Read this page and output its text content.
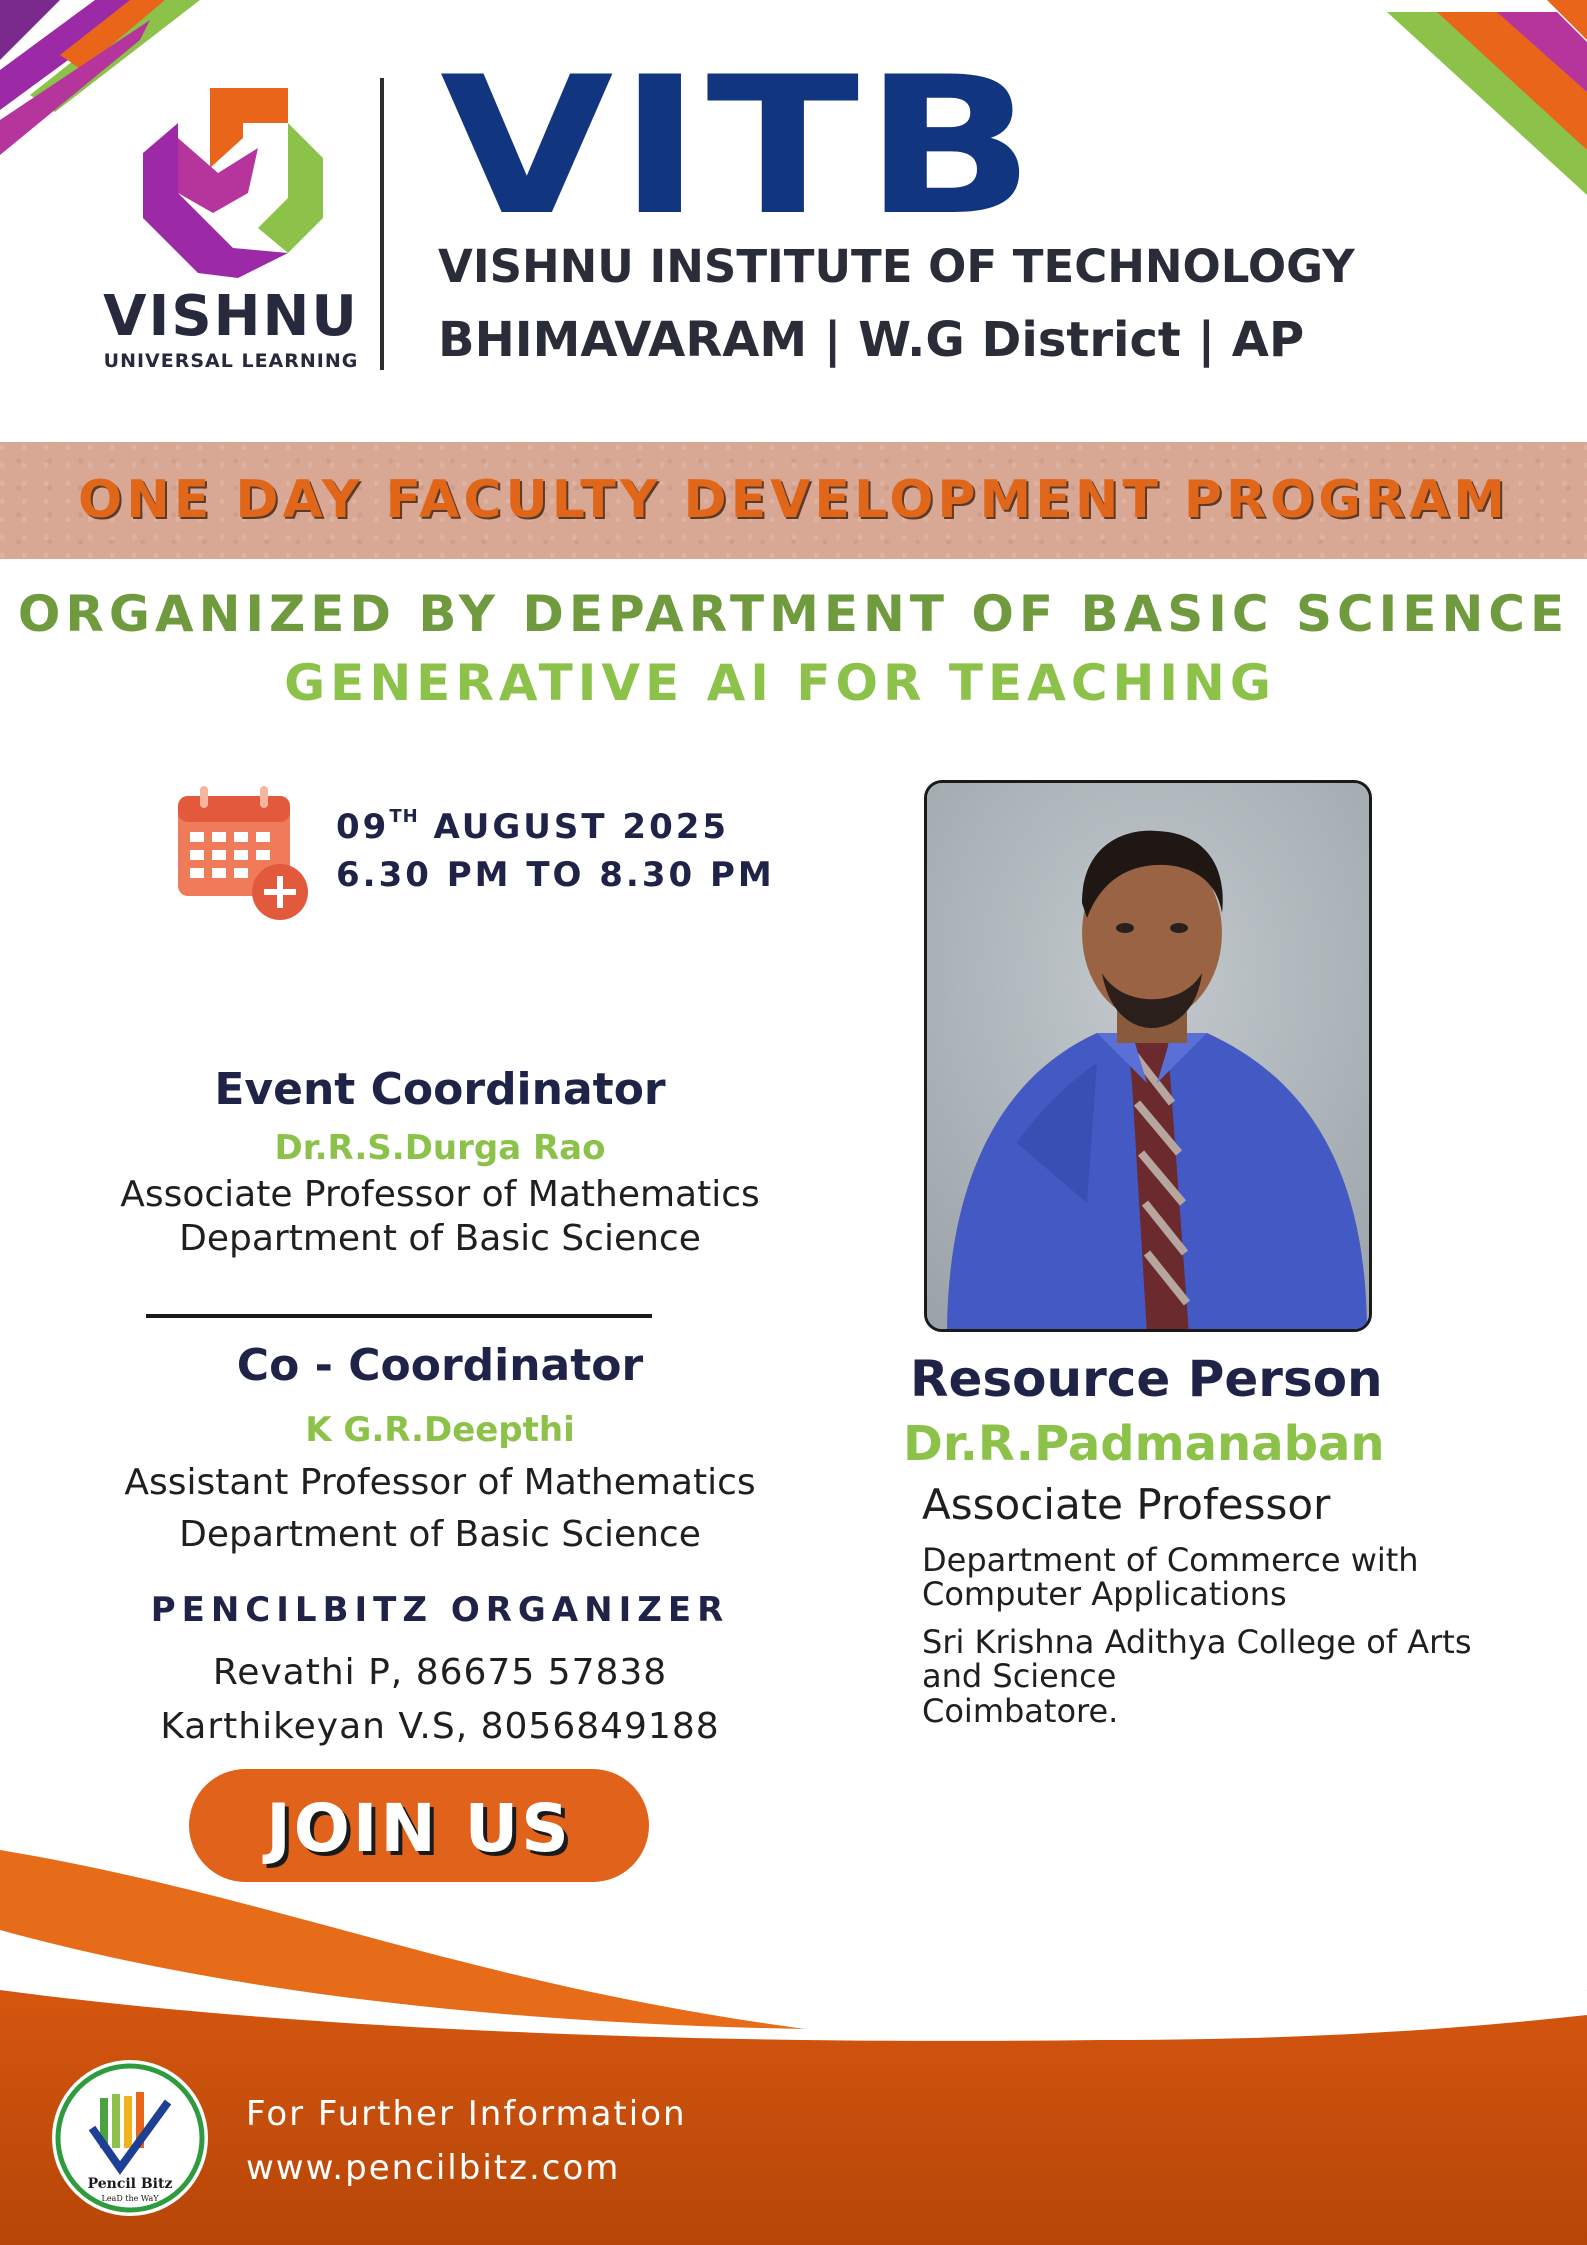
VISHNU
UNIVERSAL LEARNING
VITB
VISHNU INSTITUTE OF TECHNOLOGY
BHIMAVARAM | W.G District | AP
ONE DAY FACULTY DEVELOPMENT PROGRAM
ORGANIZED BY DEPARTMENT OF BASIC SCIENCE
GENERATIVE AI FOR TEACHING
09TH AUGUST 2025
6.30 PM TO 8.30 PM
Event Coordinator
Dr.R.S.Durga Rao
Associate Professor of Mathematics
Department of Basic Science
Co - Coordinator
K G.R.Deepthi
Assistant Professor of Mathematics
Department of Basic Science
PENCILBITZ ORGANIZER
Revathi P, 86675 57838
Karthikeyan V.S, 8056849188
JOIN US
Resource Person
Dr.R.Padmanaban
Associate Professor
Department of Commerce with
Computer Applications
Sri Krishna Adithya College of Arts
and Science
Coimbatore.
Pencil Bitz
LeaD the WaY
For Further Information
www.pencilbitz.com
